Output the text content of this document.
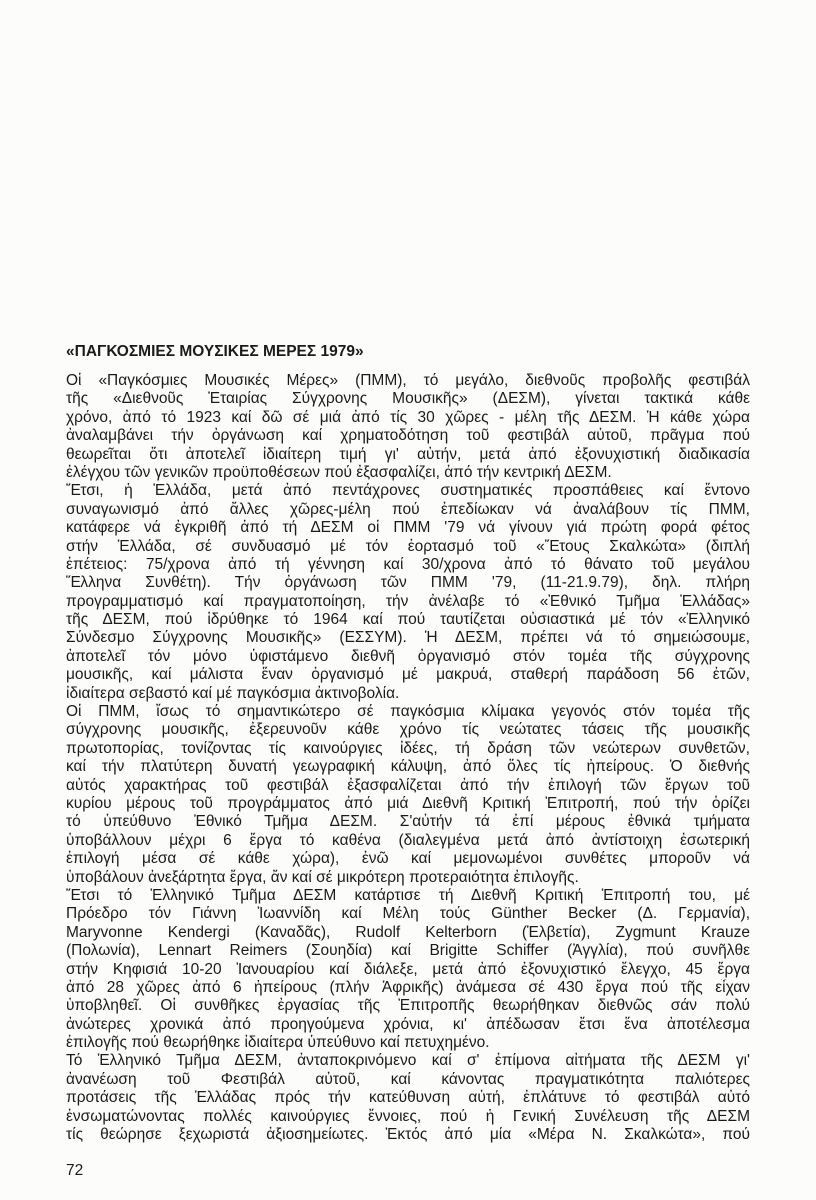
«ΠΑΓΚΟΣΜΙΕΣ ΜΟΥΣΙΚΕΣ ΜΕΡΕΣ 1979»
Οἱ «Παγκόσμιες Μουσικές Μέρες» (ΠΜΜ), τό μεγάλο, διεθνοῦς προβολῆς φεστιβάλ
τῆς «Διεθνοῦς Ἑταιρίας Σύγχρονης Μουσικῆς» (ΔΕΣΜ), γίνεται τακτικά κάθε
χρόνο, ἀπό τό 1923 καί δῶ σέ μιά ἀπό τίς 30 χῶρες - μέλη τῆς ΔΕΣΜ. Ἡ κάθε χώρα
ἀναλαμβάνει τήν ὀργάνωση καί χρηματοδότηση τοῦ φεστιβάλ αὐτοῦ, πρᾶγμα πού
θεωρεῖται ὅτι ἀποτελεῖ ἰδιαίτερη τιμή γι' αὐτήν, μετά ἀπό ἐξονυχιστική διαδικασία
ἐλέγχου τῶν γενικῶν προϋποθέσεων πού ἐξασφαλίζει, ἀπό τήν κεντρική ΔΕΣΜ.
Ἔτσι, ἡ Ἑλλάδα, μετά ἀπό πεντάχρονες συστηματικές προσπάθειες καί ἔντονο
συναγωνισμό ἀπό ἄλλες χῶρες-μέλη πού ἐπεδίωκαν νά ἀναλάβουν τίς ΠΜΜ,
κατάφερε νά ἐγκριθῆ ἀπό τή ΔΕΣΜ οἱ ΠΜΜ '79 νά γίνουν γιά πρώτη φορά φέτος
στήν Ἑλλάδα, σέ συνδυασμό μέ τόν ἑορτασμό τοῦ «Ἔτους Σκαλκώτα» (διπλή
ἐπέτειος: 75/χρονα ἀπό τή γέννηση καί 30/χρονα ἀπό τό θάνατο τοῦ μεγάλου
Ἕλληνα Συνθέτη). Τήν ὀργάνωση τῶν ΠΜΜ '79, (11-21.9.79), δηλ. πλήρη
προγραμματισμό καί πραγματοποίηση, τήν ἀνέλαβε τό «Ἐθνικό Τμῆμα Ἑλλάδας»
τῆς ΔΕΣΜ, πού ἱδρύθηκε τό 1964 καί πού ταυτίζεται οὐσιαστικά μέ τόν «Ἑλληνικό
Σύνδεσμο Σύγχρονης Μουσικῆς» (ΕΣΣΥΜ). Ἡ ΔΕΣΜ, πρέπει νά τό σημειώσουμε,
ἀποτελεῖ τόν μόνο ὑφιστάμενο διεθνῆ ὀργανισμό στόν τομέα τῆς σύγχρονης
μουσικῆς, καί μάλιστα ἕναν ὀργανισμό μέ μακρυά, σταθερή παράδοση 56 ἐτῶν,
ἰδιαίτερα σεβαστό καί μέ παγκόσμια ἀκτινοβολία.
Οἱ ΠΜΜ, ἴσως τό σημαντικώτερο σέ παγκόσμια κλίμακα γεγονός στόν τομέα τῆς
σύγχρονης μουσικῆς, ἐξερευνοῦν κάθε χρόνο τίς νεώτατες τάσεις τῆς μουσικῆς
πρωτοπορίας, τονίζοντας τίς καινούργιες ἰδέες, τή δράση τῶν νεώτερων συνθετῶν,
καί τήν πλατύτερη δυνατή γεωγραφική κάλυψη, ἀπό ὅλες τίς ἠπείρους. Ὁ διεθνής
αὐτός χαρακτήρας τοῦ φεστιβάλ ἐξασφαλίζεται ἀπό τήν ἐπιλογή τῶν ἔργων τοῦ
κυρίου μέρους τοῦ προγράμματος ἀπό μιά Διεθνῆ Κριτική Ἐπιτροπή, πού τήν ὁρίζει
τό ὑπεύθυνο Ἐθνικό Τμῆμα ΔΕΣΜ. Σ'αὐτήν τά ἐπί μέρους ἐθνικά τμήματα
ὑποβάλλουν μέχρι 6 ἔργα τό καθένα (διαλεγμένα μετά ἀπό ἀντίστοιχη ἐσωτερική
ἐπιλογή μέσα σέ κάθε χώρα), ἐνῶ καί μεμονωμένοι συνθέτες μποροῦν νά
ὑποβάλουν ἀνεξάρτητα ἔργα, ἄν καί σέ μικρότερη προτεραιότητα ἐπιλογῆς.
Ἔτσι τό Ἑλληνικό Τμῆμα ΔΕΣΜ κατάρτισε τή Διεθνῆ Κριτική Ἐπιτροπή του, μέ
Πρόεδρο τόν Γιάννη Ἰωαννίδη καί Μέλη τούς Günther Becker (Δ. Γερμανία),
Maryvonne Kendergi (Καναδᾶς), Rudolf Kelterborn (Ἑλβετία), Zygmunt Krauze
(Πολωνία), Lennart Reimers (Σουηδία) καί Brigitte Schiffer (Ἀγγλία), πού συνῆλθε
στήν Κηφισιά 10-20 Ἰανουαρίου καί διάλεξε, μετά ἀπό ἐξονυχιστικό ἔλεγχο, 45 ἔργα
ἀπό 28 χῶρες ἀπό 6 ἠπείρους (πλήν Ἀφρικῆς) ἀνάμεσα σέ 430 ἔργα πού τῆς εἶχαν
ὑποβληθεῖ. Οἱ συνθῆκες ἐργασίας τῆς Ἐπιτροπῆς θεωρήθηκαν διεθνῶς σάν πολύ
ἀνώτερες χρονικά ἀπό προηγούμενα χρόνια, κι' ἀπέδωσαν ἔτσι ἕνα ἀποτέλεσμα
ἐπιλογῆς πού θεωρήθηκε ἰδιαίτερα ὑπεύθυνο καί πετυχημένο.
Τό Ἑλληνικό Τμῆμα ΔΕΣΜ, ἀνταποκρινόμενο καί σ' ἐπίμονα αἰτήματα τῆς ΔΕΣΜ γι'
ἀνανέωση τοῦ Φεστιβάλ αὐτοῦ, καί κάνοντας πραγματικότητα παλιότερες
προτάσεις τῆς Ἑλλάδας πρός τήν κατεύθυνση αὐτή, ἐπλάτυνε τό φεστιβάλ αὐτό
ἐνσωματώνοντας πολλές καινούργιες ἔννοιες, πού ἡ Γενική Συνέλευση τῆς ΔΕΣΜ
τίς θεώρησε ξεχωριστά ἀξιοσημείωτες. Ἐκτός ἀπό μία «Μέρα Ν. Σκαλκώτα», πού
72
